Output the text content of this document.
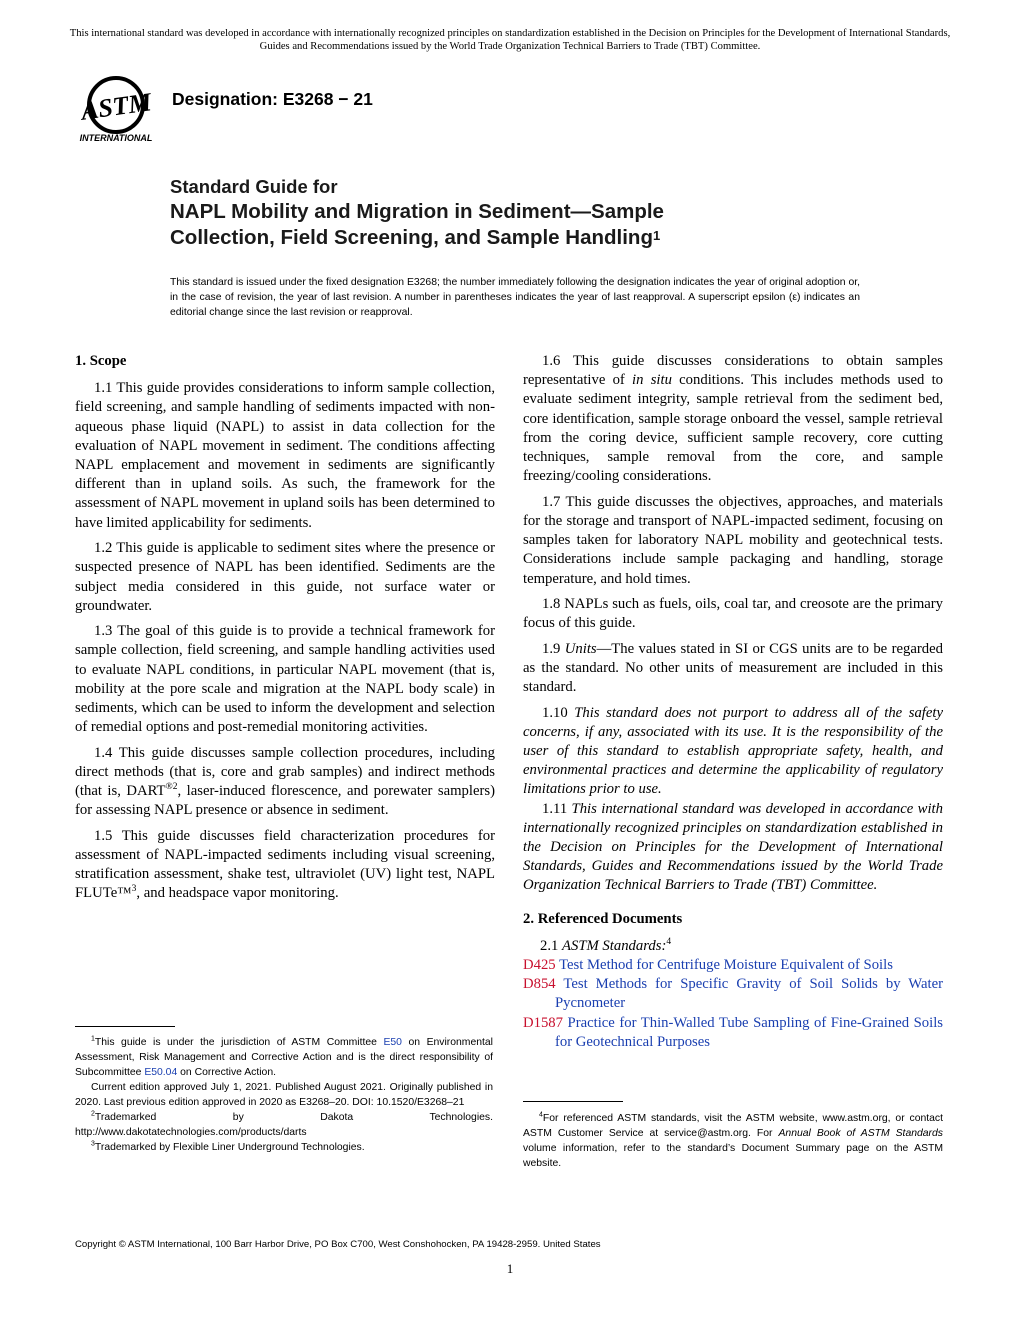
This international standard was developed in accordance with internationally recognized principles on standardization established in the Decision on Principles for the Development of International Standards, Guides and Recommendations issued by the World Trade Organization Technical Barriers to Trade (TBT) Committee.
ASTM
INTERNATIONAL
Designation: E3268 − 21
Standard Guide for
NAPL Mobility and Migration in Sediment—Sample
Collection, Field Screening, and Sample Handling$^1$
This standard is issued under the fixed designation E3268; the number immediately following the designation indicates the year of original adoption or, in the case of revision, the year of last revision. A number in parentheses indicates the year of last reapproval. A superscript epsilon (ε) indicates an editorial change since the last revision or reapproval.
1. Scope

1.1 This guide provides considerations to inform sample collection, field screening, and sample handling of sediments impacted with non-aqueous phase liquid (NAPL) to assist in data collection for the evaluation of NAPL movement in sediment. The conditions affecting NAPL emplacement and movement in sediments are significantly different than in upland soils. As such, the framework for the assessment of NAPL movement in upland soils has been determined to have limited applicability for sediments.

1.2 This guide is applicable to sediment sites where the presence or suspected presence of NAPL has been identified. Sediments are the subject media considered in this guide, not surface water or groundwater.

1.3 The goal of this guide is to provide a technical framework for sample collection, field screening, and sample handling activities used to evaluate NAPL conditions, in particular NAPL movement (that is, mobility at the pore scale and migration at the NAPL body scale) in sediments, which can be used to inform the development and selection of remedial options and post-remedial monitoring activities.

1.4 This guide discusses sample collection procedures, including direct methods (that is, core and grab samples) and indirect methods (that is, $DART^{®2}$, laser-induced florescence, and porewater samplers) for assessing NAPL presence or absence in sediment.

1.5 This guide discusses field characterization procedures for assessment of NAPL-impacted sediments including visual screening, stratification assessment, shake test, ultraviolet (UV) light test, NAPL FLUTe™$^3$, and headspace vapor monitoring.

1.6 This guide discusses considerations to obtain samples representative of in situ conditions. This includes methods used to evaluate sediment integrity, sample retrieval from the sediment bed, core identification, sample storage onboard the vessel, sample retrieval from the coring device, sufficient sample recovery, core cutting techniques, sample removal from the core, and sample freezing/cooling considerations.

1.7 This guide discusses the objectives, approaches, and materials for the storage and transport of NAPL-impacted sediment, focusing on samples taken for laboratory NAPL mobility and geotechnical tests. Considerations include sample packaging and handling, storage temperature, and hold times.

1.8 NAPLs such as fuels, oils, coal tar, and creosote are the primary focus of this guide.

1.9 Units—The values stated in SI or CGS units are to be regarded as the standard. No other units of measurement are included in this standard.

1.10 This standard does not purport to address all of the safety concerns, if any, associated with its use. It is the responsibility of the user of this standard to establish appropriate safety, health, and environmental practices and determine the applicability of regulatory limitations prior to use.

1.11 This international standard was developed in accordance with internationally recognized principles on standardization established in the Decision on Principles for the Development of International Standards, Guides and Recommendations issued by the World Trade Organization Technical Barriers to Trade (TBT) Committee.

2. Referenced Documents

2.1 ASTM Standards:$^4$

D425 Test Method for Centrifuge Moisture Equivalent of Soils
D854 Test Methods for Specific Gravity of Soil Solids by Water Pycnometer
D1587 Practice for Thin-Walled Tube Sampling of Fine-Grained Soils for Geotechnical Purposes

$^1$This guide is under the jurisdiction of ASTM Committee E50 on Environmental Assessment, Risk Management and Corrective Action and is the direct responsibility of Subcommittee E50.04 on Corrective Action.

Current edition approved July 1, 2021. Published August 2021. Originally published in 2020. Last previous edition approved in 2020 as E3268–20. DOI: 10.1520/E3268–21

$^2$Trademarked by Dakota Technologies. http://www.dakotatechnologies.com/products/darts

$^3$Trademarked by Flexible Liner Underground Technologies.

$^4$For referenced ASTM standards, visit the ASTM website, www.astm.org, or contact ASTM Customer Service at service@astm.org. For Annual Book of ASTM Standards volume information, refer to the standard’s Document Summary page on the ASTM website.

Copyright © ASTM International, 100 Barr Harbor Drive, PO Box C700, West Conshohocken, PA 19428-2959. United States
1
